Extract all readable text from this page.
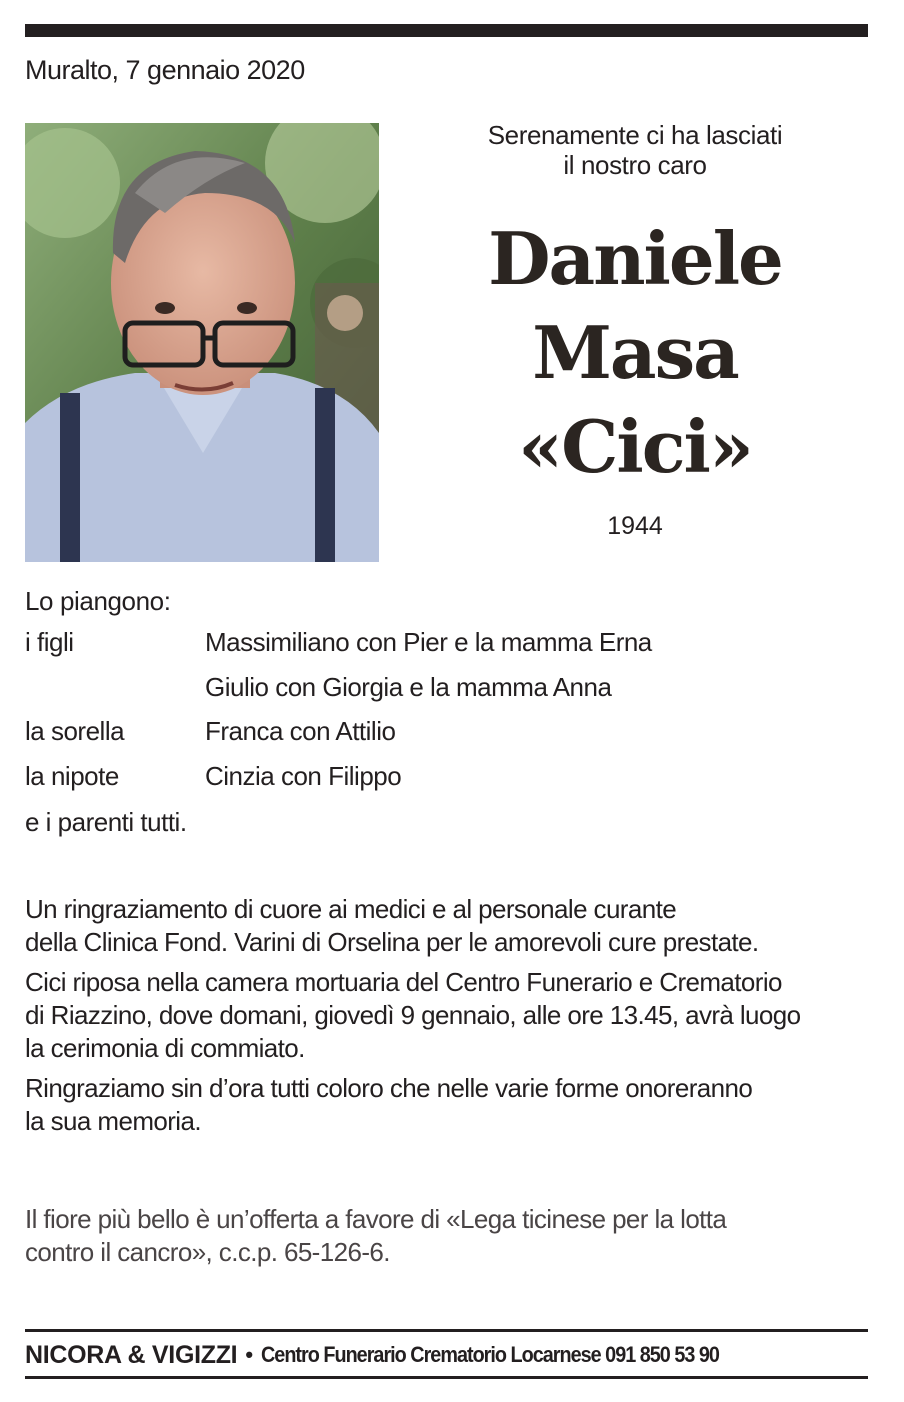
Muralto, 7 gennaio 2020
Serenamente ci ha lasciati
il nostro caro
Daniele
Masa
«Cici»
1944
Lo piangono:
i figli	Massimiliano con Pier e la mamma Erna
Giulio con Giorgia e la mamma Anna
la sorella	Franca con Attilio
la nipote	Cinzia con Filippo
e i parenti tutti.

Un ringraziamento di cuore ai medici e al personale curante
della Clinica Fond. Varini di Orselina per le amorevoli cure prestate.

Cici riposa nella camera mortuaria del Centro Funerario e Crematorio
di Riazzino, dove domani, giovedì 9 gennaio, alle ore 13.45, avrà luogo
la cerimonia di commiato.

Ringraziamo sin d’ora tutti coloro che nelle varie forme onoreranno
la sua memoria.

Il fiore più bello è un’offerta a favore di «Lega ticinese per la lotta
contro il cancro», c.c.p. 65-126-6.
NICORA & VIGIZZI • Centro Funerario Crematorio Locarnese 091 850 53 90
